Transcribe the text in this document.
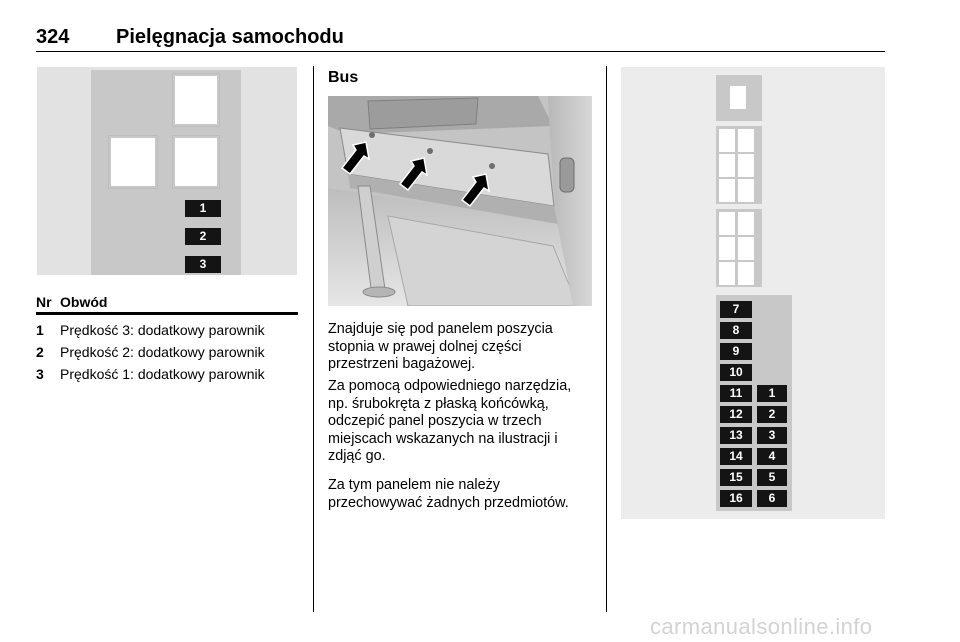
324 Pielęgnacja samochodu
1
2
3
Nr Obwód
1 Prędkość 3: dodatkowy parownik
2 Prędkość 2: dodatkowy parownik
3 Prędkość 1: dodatkowy parownik
Bus
Znajduje się pod panelem poszycia stopnia w prawej dolnej części przestrzeni bagażowej.
Za pomocą odpowiedniego narzędzia, np. śrubokręta z płaską końcówką, odczepić panel poszycia w trzech miejscach wskazanych na ilustracji i zdjąć go.
Za tym panelem nie należy przechowywać żadnych przedmiotów.
7
8
9
10
11
12
13
14
15
16
1
2
3
4
5
6
carmanualsonline.info
